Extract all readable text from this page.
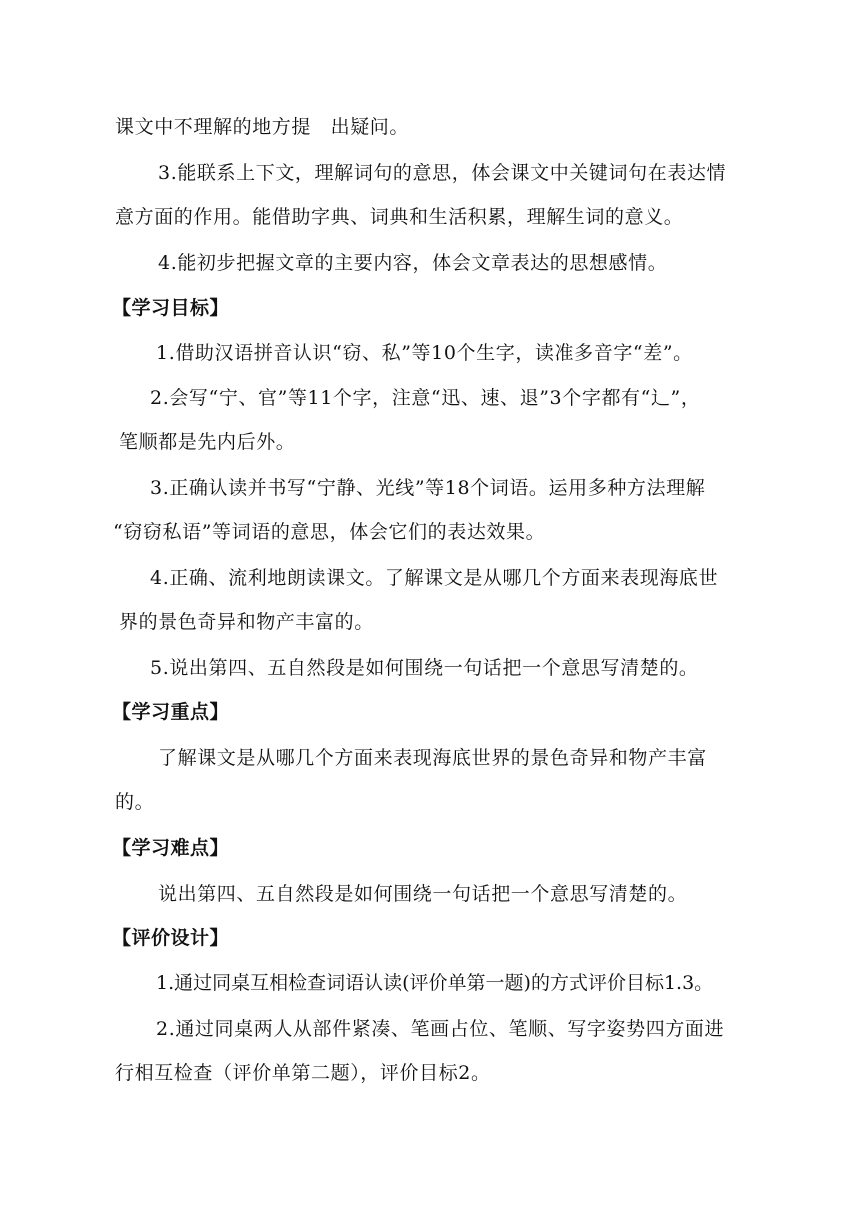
课文中不理解的地方提　出疑问。
3.能联系上下文，理解词句的意思，体会课文中关键词句在表达情
意方面的作用。能借助字典、词典和生活积累，理解生词的意义。
4.能初步把握文章的主要内容，体会文章表达的思想感情。
【学习目标】
1.借助汉语拼音认识“窃、私”等10个生字，读准多音字“差”。
2.会写“宁、官”等11个字，注意“迅、速、退”3个字都有“辶”，
笔顺都是先内后外。
3.正确认读并书写“宁静、光线”等18个词语。运用多种方法理解
“窃窃私语”等词语的意思，体会它们的表达效果。
4.正确、流利地朗读课文。了解课文是从哪几个方面来表现海底世
界的景色奇异和物产丰富的。
5.说出第四、五自然段是如何围绕一句话把一个意思写清楚的。
【学习重点】
了解课文是从哪几个方面来表现海底世界的景色奇异和物产丰富
的。
【学习难点】
说出第四、五自然段是如何围绕一句话把一个意思写清楚的。
【评价设计】
1.通过同桌互相检查词语认读(评价单第一题)的方式评价目标1.3。
2.通过同桌两人从部件紧凑、笔画占位、笔顺、写字姿势四方面进
行相互检查（评价单第二题），评价目标2。
